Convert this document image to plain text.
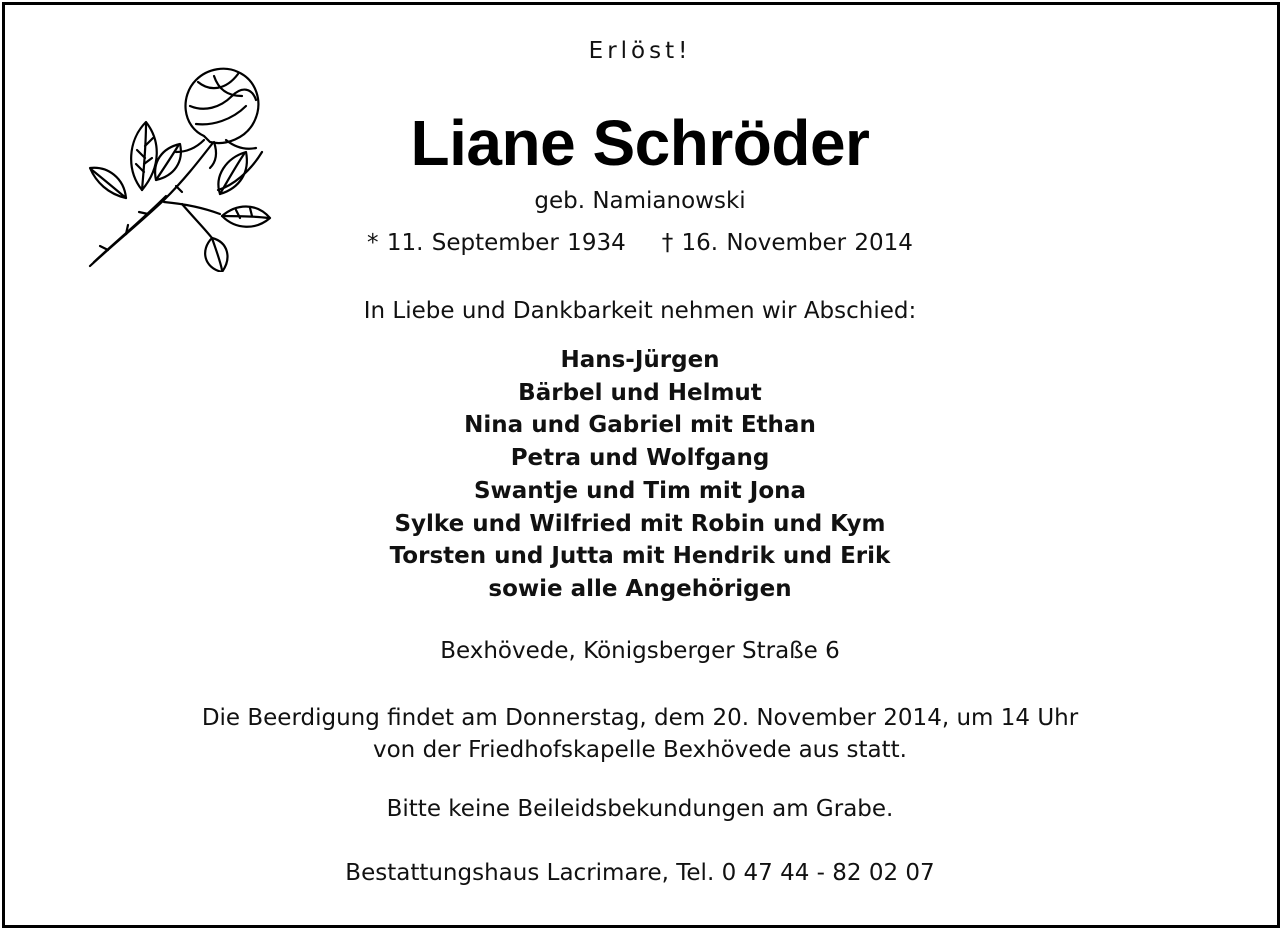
Erlöst!
Liane Schröder
geb. Namianowski
* 11. September 1934 † 16. November 2014
In Liebe und Dankbarkeit nehmen wir Abschied:
Hans-Jürgen
Bärbel und Helmut
Nina und Gabriel mit Ethan
Petra und Wolfgang
Swantje und Tim mit Jona
Sylke und Wilfried mit Robin und Kym
Torsten und Jutta mit Hendrik und Erik
sowie alle Angehörigen
Bexhövede, Königsberger Straße 6
Die Beerdigung findet am Donnerstag, dem 20. November 2014, um 14 Uhr
von der Friedhofskapelle Bexhövede aus statt.
Bitte keine Beileidsbekundungen am Grabe.
Bestattungshaus Lacrimare, Tel. 0 47 44 - 82 02 07
